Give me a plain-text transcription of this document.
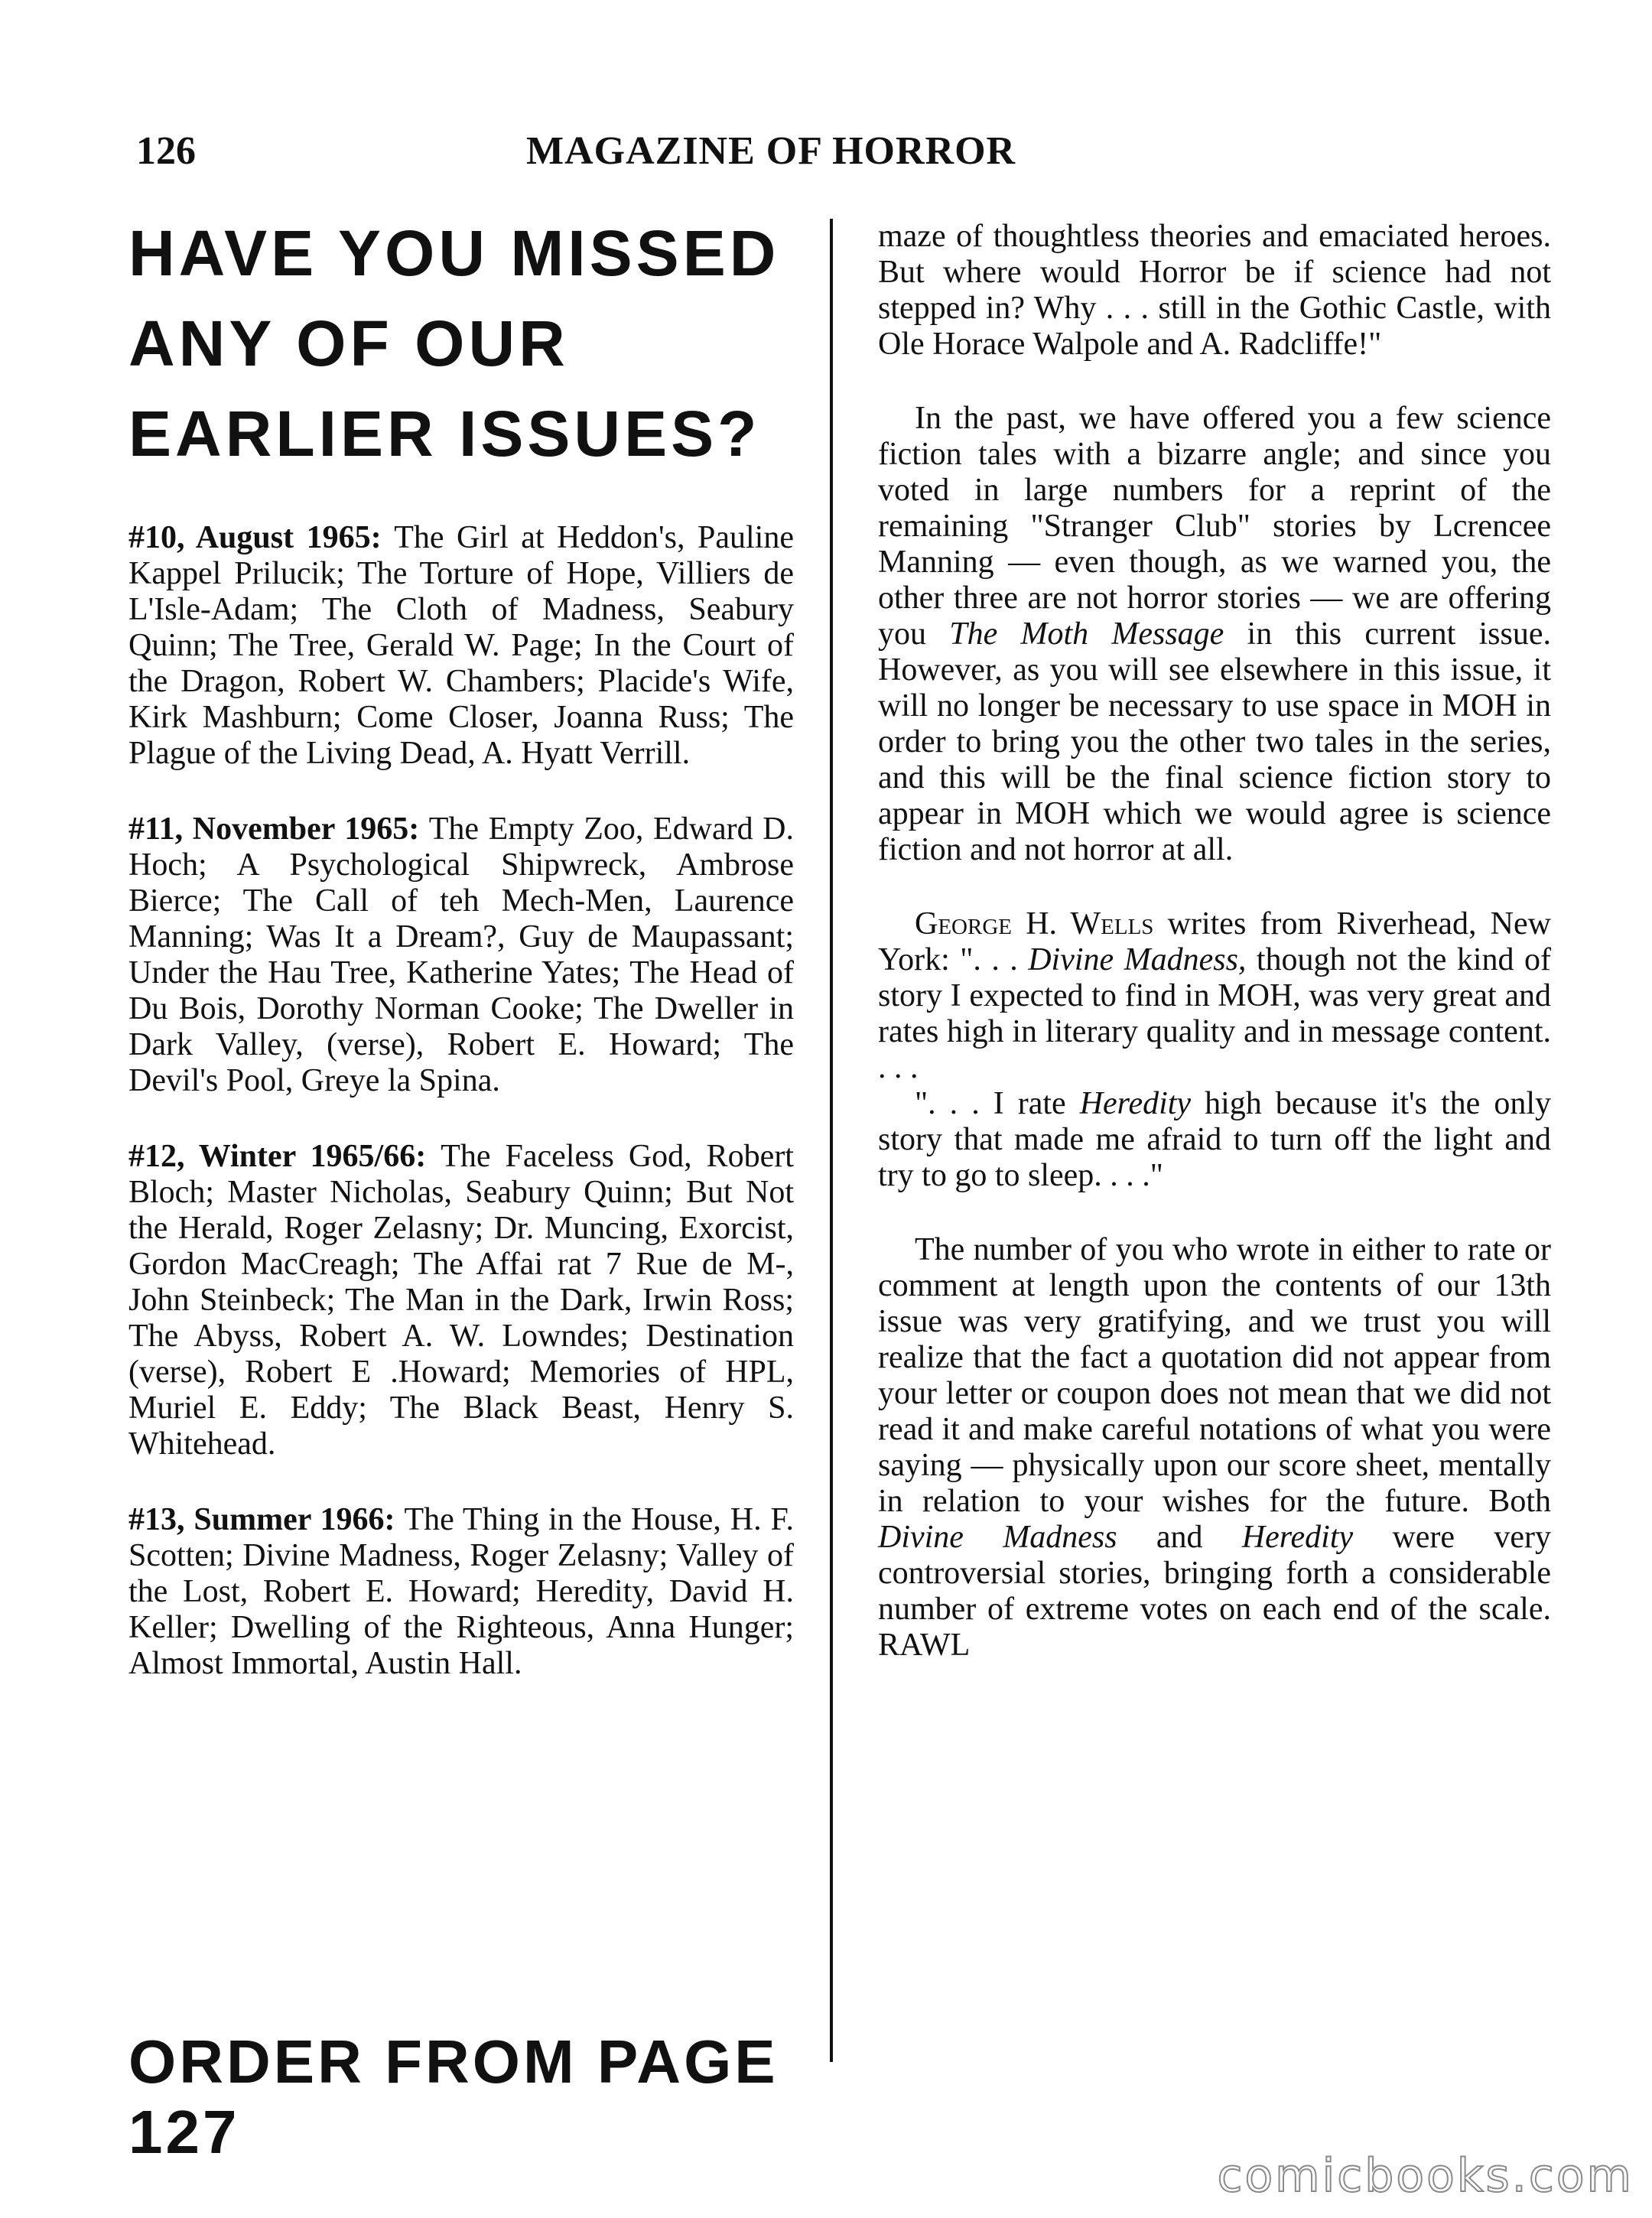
126	MAGAZINE OF HORROR
HAVE YOU MISSED ANY OF OUR EARLIER ISSUES?

#10, August 1965: The Girl at Heddon's, Pauline Kappel Prilucik; The Torture of Hope, Villiers de L'Isle-Adam; The Cloth of Madness, Seabury Quinn; The Tree, Gerald W. Page; In the Court of the Dragon, Robert W. Chambers; Placide's Wife, Kirk Mashburn; Come Closer, Joanna Russ; The Plague of the Living Dead, A. Hyatt Verrill.

#11, November 1965: The Empty Zoo, Edward D. Hoch; A Psychological Shipwreck, Ambrose Bierce; The Call of teh Mech-Men, Laurence Manning; Was It a Dream?, Guy de Maupassant; Under the Hau Tree, Katherine Yates; The Head of Du Bois, Dorothy Norman Cooke; The Dweller in Dark Valley, (verse), Robert E. Howard; The Devil's Pool, Greye la Spina.

#12, Winter 1965/66: The Faceless God, Robert Bloch; Master Nicholas, Seabury Quinn; But Not the Herald, Roger Zelasny; Dr. Muncing, Exorcist, Gordon MacCreagh; The Affai rat 7 Rue de M-, John Steinbeck; The Man in the Dark, Irwin Ross; The Abyss, Robert A. W. Lowndes; Destination (verse), Robert E .Howard; Memories of HPL, Muriel E. Eddy; The Black Beast, Henry S. Whitehead.

#13, Summer 1966: The Thing in the House, H. F. Scotten; Divine Madness, Roger Zelasny; Valley of the Lost, Robert E. Howard; Heredity, David H. Keller; Dwelling of the Righteous, Anna Hunger; Almost Immortal, Austin Hall.

ORDER FROM PAGE 127

maze of thoughtless theories and emaciated heroes. But where would Horror be if science had not stepped in? Why . . . still in the Gothic Castle, with Ole Horace Walpole and A. Radcliffe!"

In the past, we have offered you a few science fiction tales with a bizarre angle; and since you voted in large numbers for a reprint of the remaining "Stranger Club" stories by Lcrencee Manning — even though, as we warned you, the other three are not horror stories — we are offering you The Moth Message in this current issue. However, as you will see elsewhere in this issue, it will no longer be necessary to use space in MOH in order to bring you the other two tales in the series, and this will be the final science fiction story to appear in MOH which we would agree is science fiction and not horror at all.

George H. Wells writes from Riverhead, New York: ". . . Divine Madness, though not the kind of story I expected to find in MOH, was very great and rates high in literary quality and in message content. . . .

". . . I rate Heredity high because it's the only story that made me afraid to turn off the light and try to go to sleep. . . ."

The number of you who wrote in either to rate or comment at length upon the contents of our 13th issue was very gratifying, and we trust you will realize that the fact a quotation did not appear from your letter or coupon does not mean that we did not read it and make careful notations of what you were saying — physically upon our score sheet, mentally in relation to your wishes for the future. Both Divine Madness and Heredity were very controversial stories, bringing forth a considerable number of extreme votes on each end of the scale. RAWL

comicbooks.com
